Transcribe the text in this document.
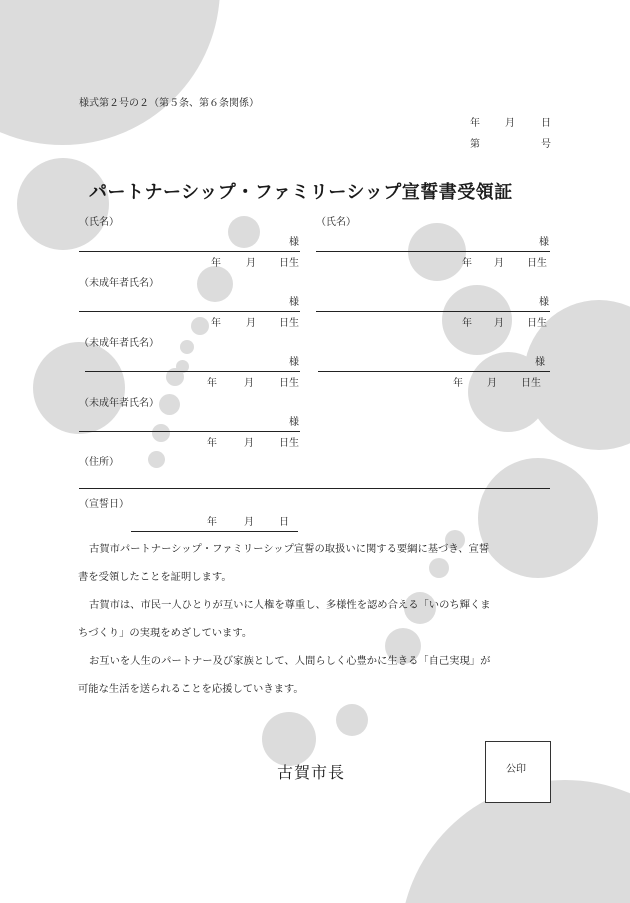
様式第２号の２（第５条、第６条関係）
年	月	日
第	号
パートナーシップ・ファミリーシップ宣誓書受領証
（氏名）
様
年	月 日生
（未成年者氏名）
様
年	月 日生
（未成年者氏名）
様
年	月	日生
（未成年者氏名）
様
年	月	日生
（氏名）
様
年 月 日生
様
年 月 日生
様
年 月 日生
（住所）
（宣誓日）
年	月	日

古賀市パートナーシップ・ファミリーシップ宣誓の取扱いに関する要綱に基づき、宣誓

書を受領したことを証明します。

古賀市は、市民一人ひとりが互いに人権を尊重し、多様性を認め合える「いのち輝くま

ちづくり」の実現をめざしています。

お互いを人生のパートナー及び家族として、人間らしく心豊かに生きる「自己実現」が

可能な生活を送られることを応援していきます。

古賀市長	公印
